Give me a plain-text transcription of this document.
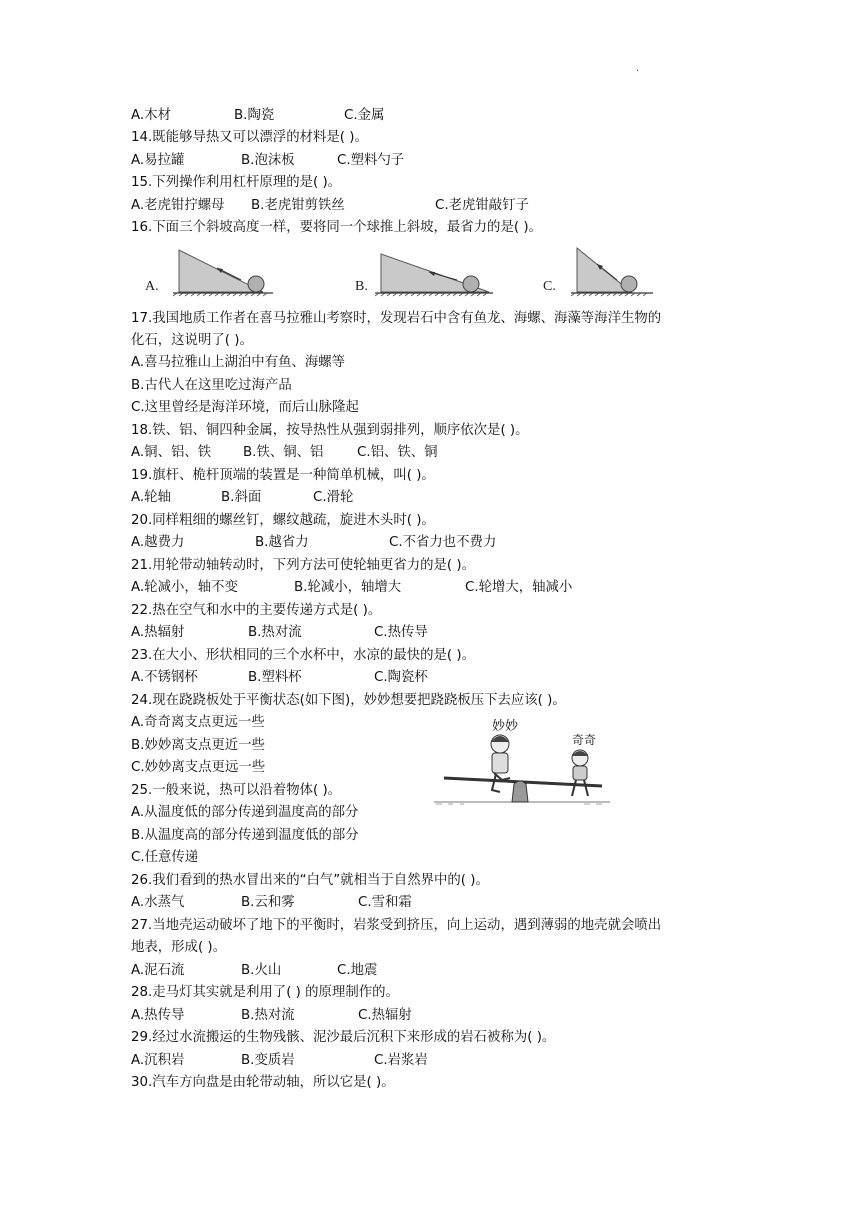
·
A.木材	B.陶瓷	C.金属
14.既能够导热又可以漂浮的材料是( )。
A.易拉罐	B.泡沫板	C.塑料勺子
15.下列操作利用杠杆原理的是( )。
A.老虎钳拧螺母 B.老虎钳剪铁丝	C.老虎钳敲钉子
16.下面三个斜坡高度一样，要将同一个球推上斜坡，最省力的是( )。
A.	B.	C.
17.我国地质工作者在喜马拉雅山考察时，发现岩石中含有鱼龙、海螺、海藻等海洋生物的
化石，这说明了( )。
A.喜马拉雅山上湖泊中有鱼、海螺等
B.古代人在这里吃过海产品
C.这里曾经是海洋环境，而后山脉隆起
18.铁、铝、铜四种金属，按导热性从强到弱排列，顺序依次是( )。
A.铜、铝、铁 B.铁、铜、铝	C.铝、铁、铜
19.旗杆、桅杆顶端的装置是一种简单机械，叫( )。
A.轮轴	B.斜面	C.滑轮
20.同样粗细的螺丝钉，螺纹越疏，旋进木头时( )。
A.越费力	B.越省力	C.不省力也不费力
21.用轮带动轴转动时，下列方法可使轮轴更省力的是( )。
A.轮减小，轴不变	B.轮减小，轴增大	C.轮增大，轴减小
22.热在空气和水中的主要传递方式是( )。
A.热辐射	B.热对流	C.热传导
23.在大小、形状相同的三个水杯中，水凉的最快的是( )。
A.不锈钢杯	B.塑料杯	C.陶瓷杯
24.现在跷跷板处于平衡状态(如下图)，妙妙想要把跷跷板压下去应该( )。
A.奇奇离支点更远一些
B.妙妙离支点更近一些
C.妙妙离支点更远一些
妙妙
奇奇
25.一般来说，热可以沿着物体( )。
A.从温度低的部分传递到温度高的部分
B.从温度高的部分传递到温度低的部分
C.任意传递
26.我们看到的热水冒出来的“白气”就相当于自然界中的( )。
A.水蒸气	B.云和雾	C.雪和霜
27.当地壳运动破坏了地下的平衡时，岩浆受到挤压，向上运动，遇到薄弱的地壳就会喷出
地表，形成( )。
A.泥石流	B.火山	C.地震
28.走马灯其实就是利用了( ) 的原理制作的。
A.热传导	B.热对流	C.热辐射
29.经过水流搬运的生物残骸、泥沙最后沉积下来形成的岩石被称为( )。
A.沉积岩	B.变质岩	C.岩浆岩
30.汽车方向盘是由轮带动轴，所以它是( )。
